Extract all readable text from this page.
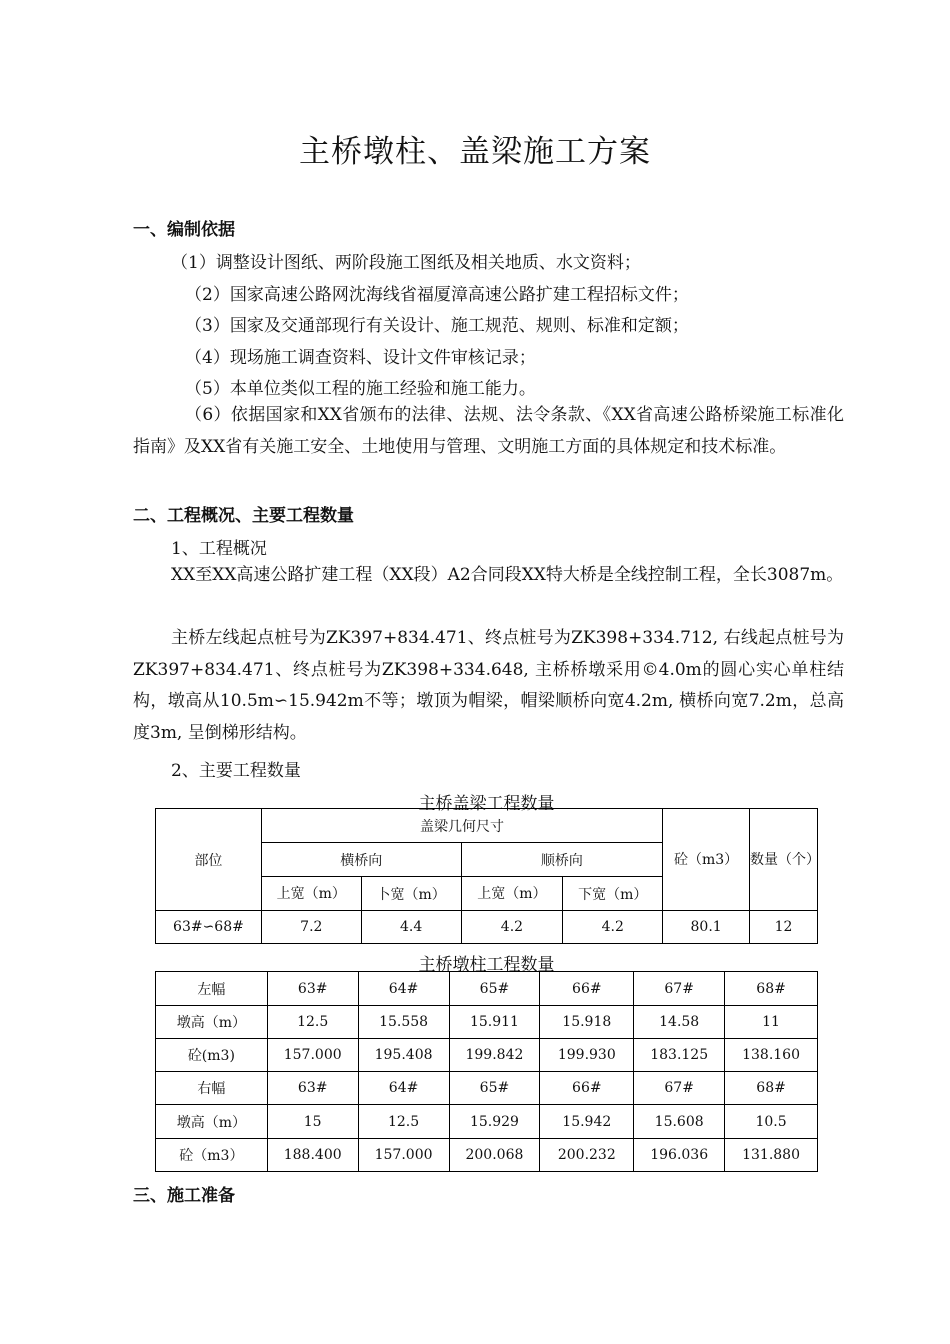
主桥墩柱、盖梁施工方案
一、编制依据
（1）调整设计图纸、两阶段施工图纸及相关地质、水文资料；
（2）国家高速公路网沈海线省福厦漳高速公路扩建工程招标文件；
（3）国家及交通部现行有关设计、施工规范、规则、标准和定额；
（4）现场施工调查资料、设计文件审核记录；
（5）本单位类似工程的施工经验和施工能力。
（6）依据国家和XX省颁布的法律、法规、法令条款、《XX省高速公路桥梁施工标准化指南》及XX省有关施工安全、土地使用与管理、文明施工方面的具体规定和技术标准。
二、工程概况、主要工程数量
1、工程概况
XX至XX高速公路扩建工程（XX段）A2合同段XX特大桥是全线控制工程，全长3087m。
主桥左线起点桩号为ZK397+834.471、终点桩号为ZK398+334.712, 右线起点桩号为ZK397+834.471、终点桩号为ZK398+334.648, 主桥桥墩采用©4.0m的圆心实心单柱结构，墩高从10.5m∽15.942m不等；墩顶为帽梁，帽梁顺桥向宽4.2m, 横桥向宽7.2m，总高度3m, 呈倒梯形结构。
2、主要工程数量
主桥盖梁工程数量
部位	盖梁几何尺寸				砼（m3）	数量（个）
	横桥向		顺桥向			
	上宽（m）	卜宽（m）	上宽（m）	下宽（m）		
63#∽68#	7.2	4.4	4.2	4.2	80.1	12
主桥墩柱工程数量
左幅	63#	64#	65#	66#	67#	68#
墩高（m）	12.5	15.558	15.911	15.918	14.58	11
砼(m3)	157.000	195.408	199.842	199.930	183.125	138.160
右幅	63#	64#	65#	66#	67#	68#
墩高（m）	15	12.5	15.929	15.942	15.608	10.5
砼（m3）	188.400	157.000	200.068	200.232	196.036	131.880
三、施工准备
